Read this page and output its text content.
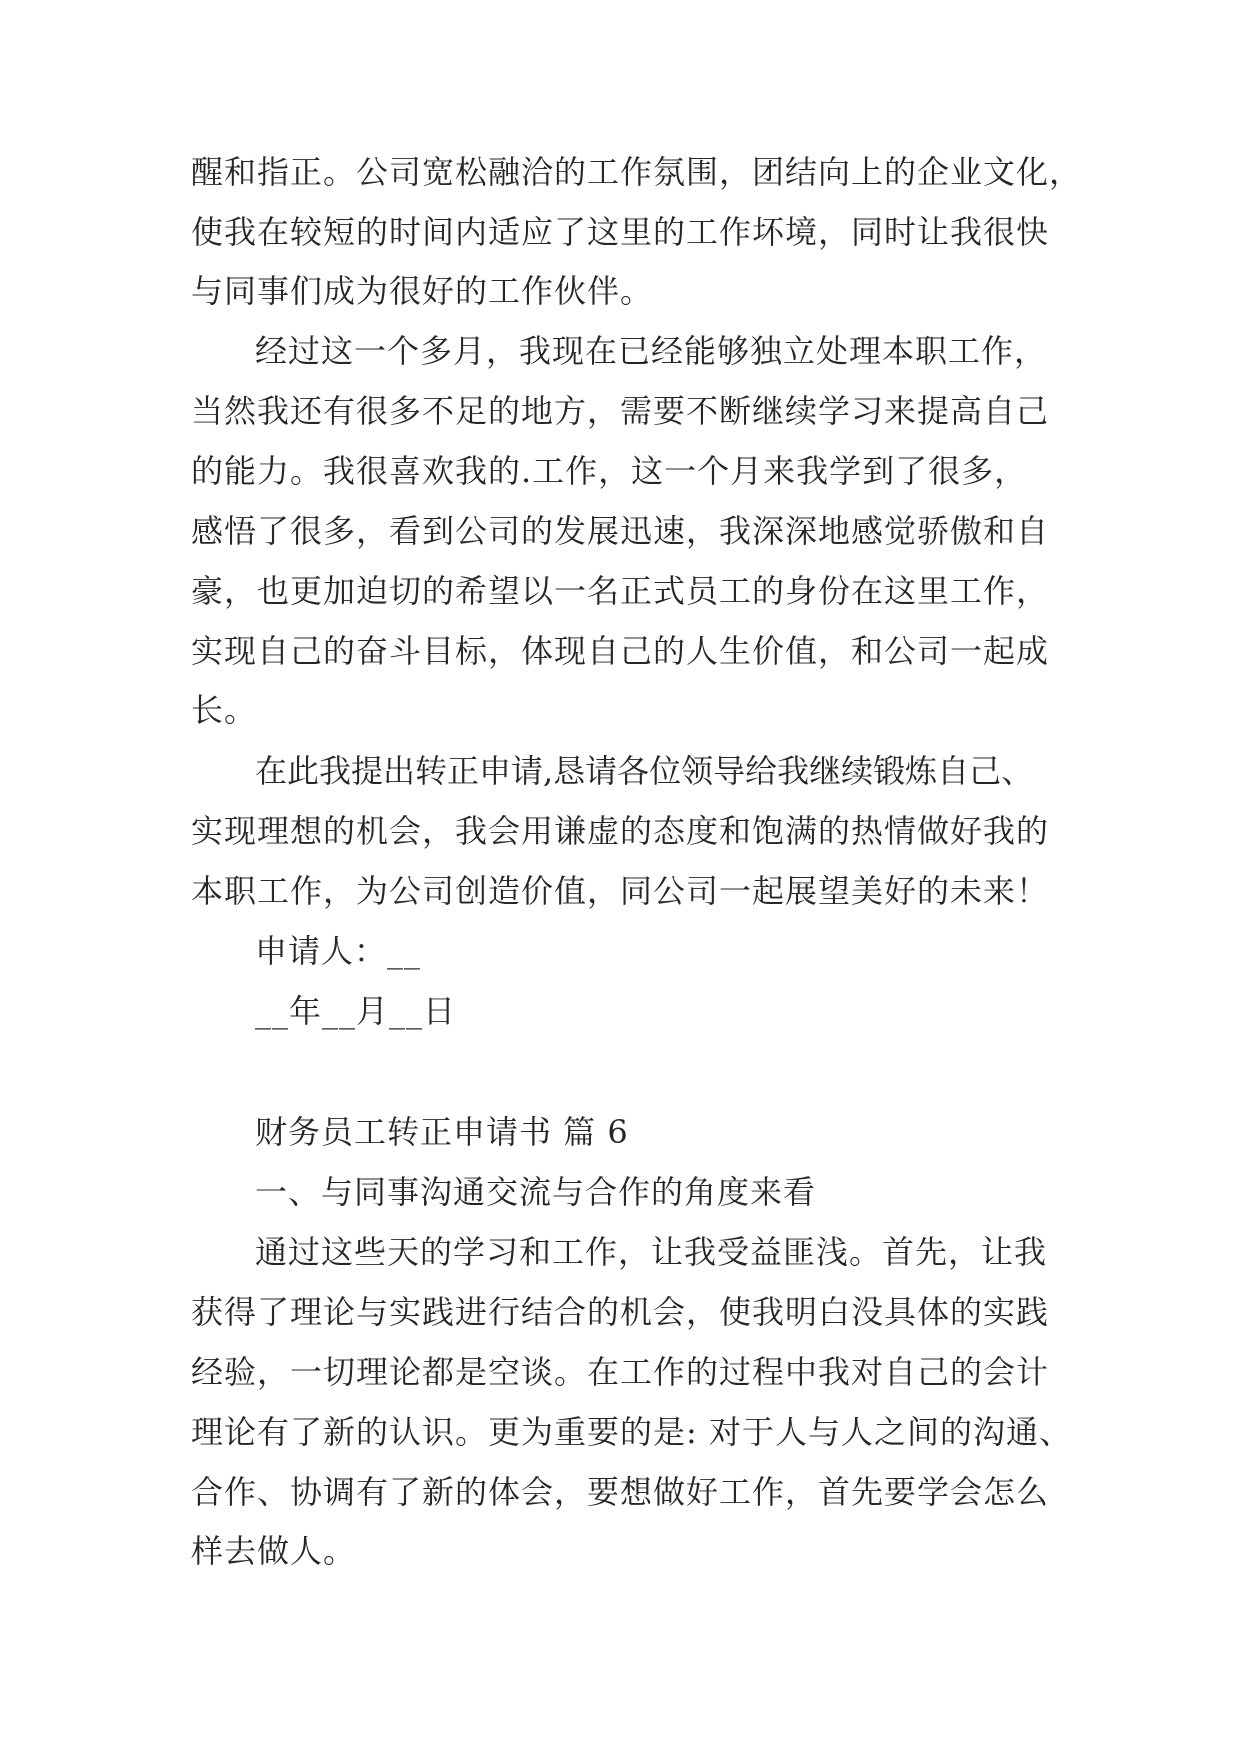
醒和指正。公司宽松融洽的工作氛围，团结向上的企业文化，

使我在较短的时间内适应了这里的工作坏境，同时让我很快

与同事们成为很好的工作伙伴。

经过这一个多月，我现在已经能够独立处理本职工作，

当然我还有很多不足的地方，需要不断继续学习来提高自己

的能力。我很喜欢我的.工作，这一个月来我学到了很多，

感悟了很多，看到公司的发展迅速，我深深地感觉骄傲和自

豪，也更加迫切的希望以一名正式员工的身份在这里工作，

实现自己的奋斗目标，体现自己的人生价值，和公司一起成

长。

在此我提出转正申请,恳请各位领导给我继续锻炼自己、

实现理想的机会，我会用谦虚的态度和饱满的热情做好我的

本职工作，为公司创造价值，同公司一起展望美好的未来！

申请人：__

__年__月__日

财务员工转正申请书 篇 6

一、与同事沟通交流与合作的角度来看

通过这些天的学习和工作，让我受益匪浅。首先，让我

获得了理论与实践进行结合的机会，使我明白没具体的实践

经验，一切理论都是空谈。在工作的过程中我对自己的会计

理论有了新的认识。更为重要的是: 对于人与人之间的沟通、

合作、协调有了新的体会，要想做好工作，首先要学会怎么

样去做人。
